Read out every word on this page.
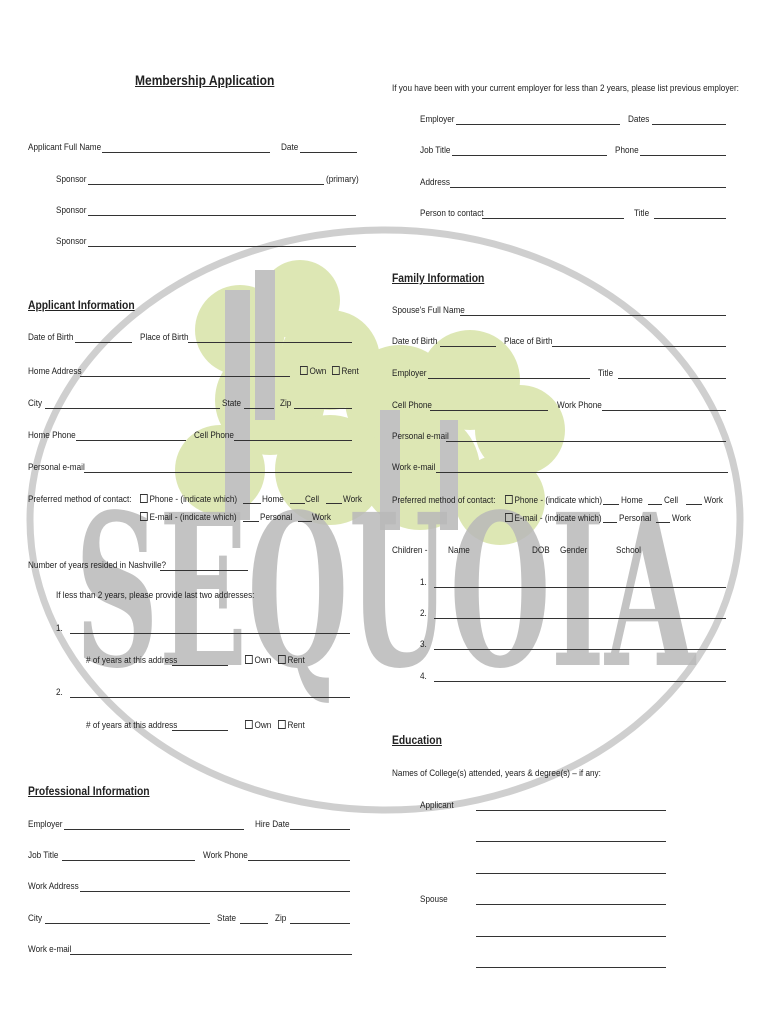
SEQUOIA
Membership Application
Applicant Full Name	Date
Sponsor	(primary)
Sponsor
Sponsor
Applicant Information
Date of Birth	Place of Birth
Home Address	Own	Rent
City	State	Zip
Home Phone	Cell Phone
Personal e-mail
Preferred method of contact:	Phone - (indicate which)	Home Cell	Work
E-mail - (indicate which) Personal Work
Number of years resided in Nashville?
If less than 2 years, please provide last two addresses:
1.
# of years at this address	Own	Rent
2.
# of years at this address	Own	Rent
Professional Information
Employer	Hire Date
Job Title	Work Phone
Work Address
City	State	Zip
Work e-mail
If you have been with your current employer for less than 2 years, please list previous employer:
Employer	Dates
Job Title	Phone
Address
Person to contact	Title
Family Information
Spouse's Full Name
Date of Birth	Place of Birth
Employer	Title
Cell Phone	Work Phone
Personal e-mail
Work e-mail
Preferred method of contact:	Phone - (indicate which) Home Cell	Work
E-mail - (indicate which) Personal Work
Children - Name	DOB Gender	School
1.
2.
3.
4.
Education
Names of College(s) attended, years & degree(s) – if any:
Applicant
Spouse
